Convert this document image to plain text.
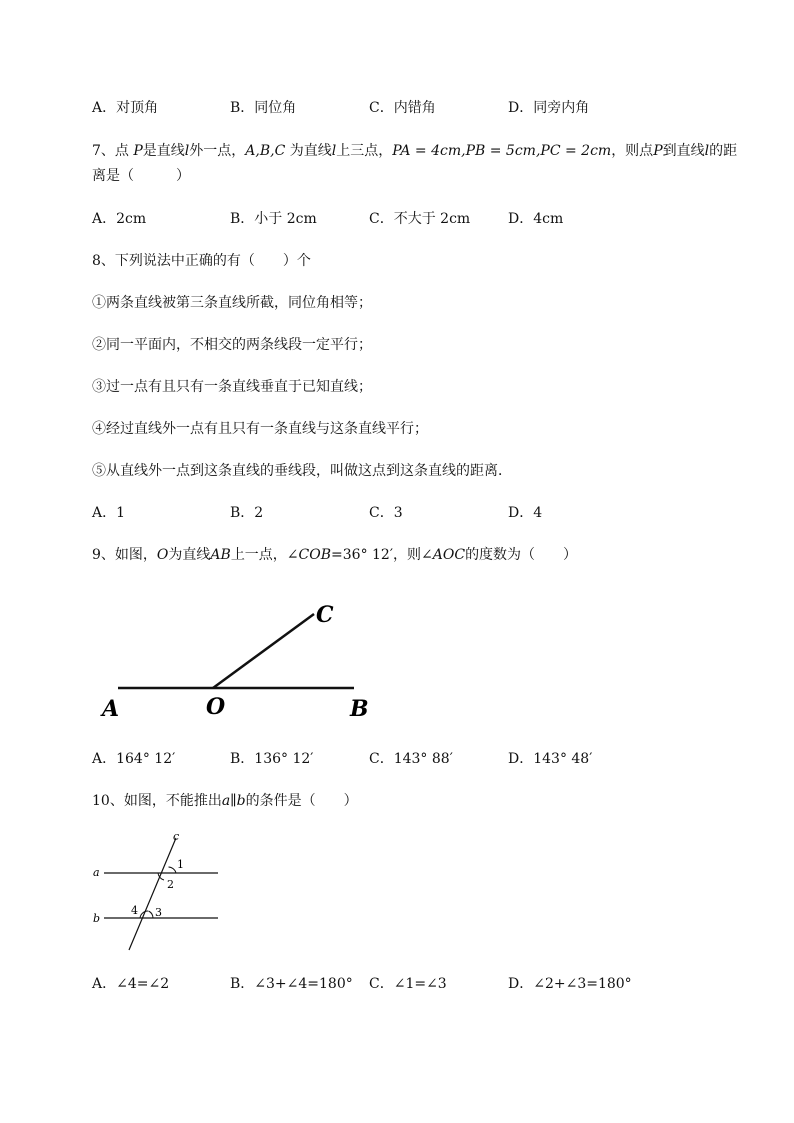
A．对顶角	B．同位角	C．内错角	D．同旁内角
7、点 P是直线l外一点，A,B,C 为直线l上三点，PA = 4cm,PB = 5cm,PC = 2cm，则点P到直线l的距
离是（　　　）
A．2cm	B．小于 2cm	C．不大于 2cm	D．4cm
8、下列说法中正确的有（　　）个
①两条直线被第三条直线所截，同位角相等；
②同一平面内，不相交的两条线段一定平行；
③过一点有且只有一条直线垂直于已知直线；
④经过直线外一点有且只有一条直线与这条直线平行；
⑤从直线外一点到这条直线的垂线段，叫做这点到这条直线的距离．
A．1	B．2	C．3	D．4
9、如图，O为直线AB上一点，∠COB=36° 12′，则∠AOC的度数为（　　）
A	O	B
C
A．164° 12′	B．136° 12′	C．143° 88′	D．143° 48′
10、如图，不能推出a∥b的条件是（　　）
c
a
b
1
2
4 3
A．∠4=∠2	B．∠3+∠4=180° C．∠1=∠3	D．∠2+∠3=180°
